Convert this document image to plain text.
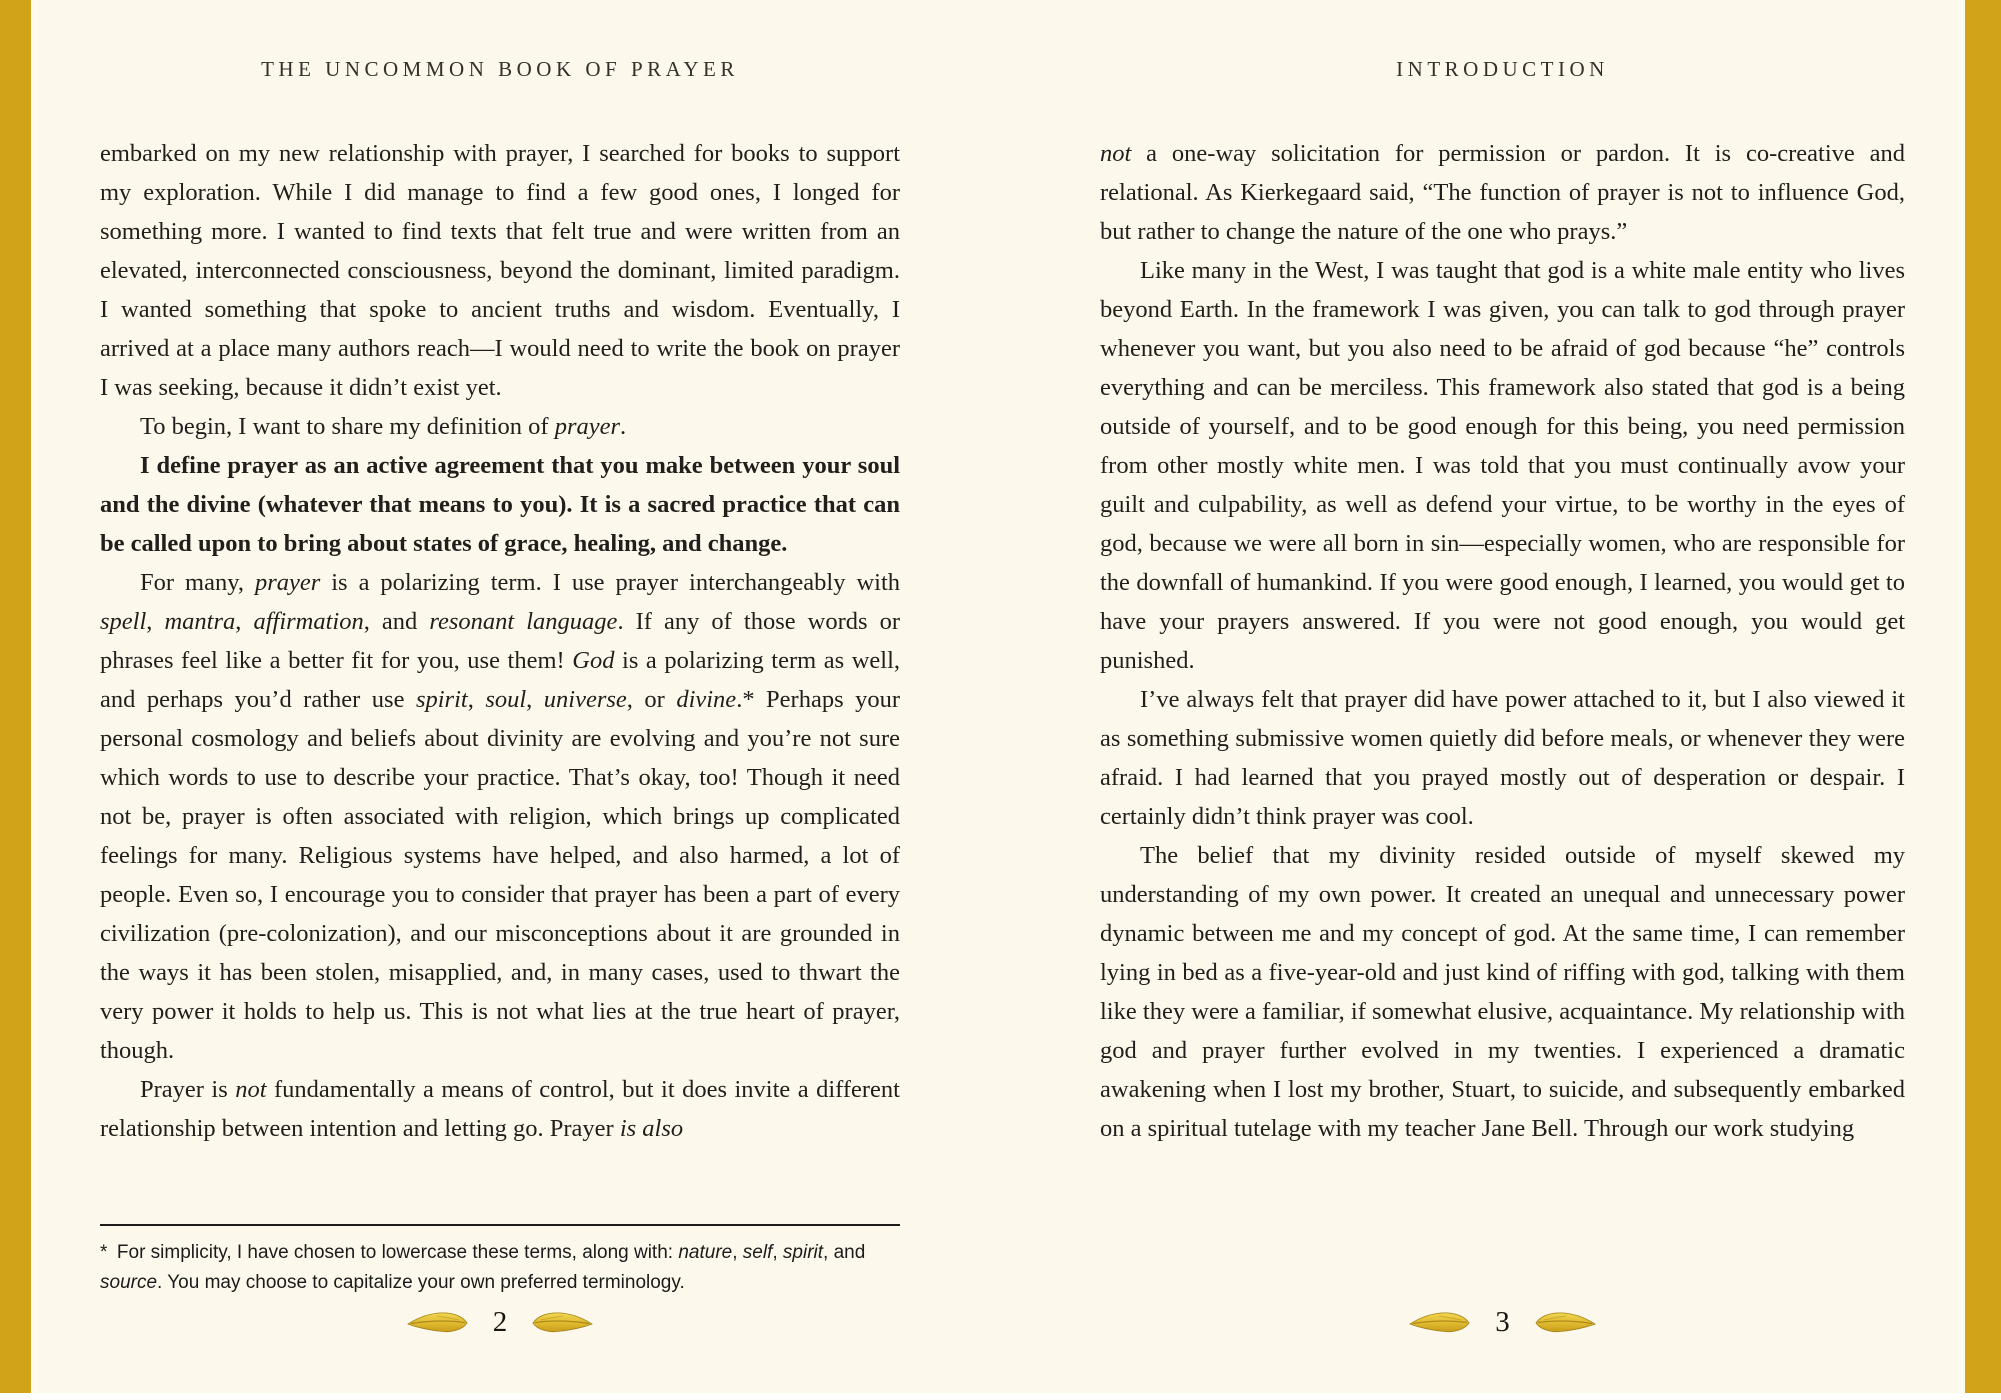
THE UNCOMMON BOOK OF PRAYER

embarked on my new relationship with prayer, I searched for books to support my exploration. While I did manage to find a few good ones, I longed for something more. I wanted to find texts that felt true and were written from an elevated, interconnected consciousness, beyond the dominant, limited paradigm. I wanted something that spoke to ancient truths and wisdom. Eventually, I arrived at a place many authors reach—I would need to write the book on prayer I was seeking, because it didn’t exist yet.

To begin, I want to share my definition of prayer.

I define prayer as an active agreement that you make between your soul and the divine (whatever that means to you). It is a sacred practice that can be called upon to bring about states of grace, healing, and change.

For many, prayer is a polarizing term. I use prayer interchangeably with spell, mantra, affirmation, and resonant language. If any of those words or phrases feel like a better fit for you, use them! God is a polarizing term as well, and perhaps you’d rather use spirit, soul, universe, or divine.* Perhaps your personal cosmology and beliefs about divinity are evolving and you’re not sure which words to use to describe your practice. That’s okay, too! Though it need not be, prayer is often associated with religion, which brings up complicated feelings for many. Religious systems have helped, and also harmed, a lot of people. Even so, I encourage you to consider that prayer has been a part of every civilization (pre-colonization), and our misconceptions about it are grounded in the ways it has been stolen, misapplied, and, in many cases, used to thwart the very power it holds to help us. This is not what lies at the true heart of prayer, though.

Prayer is not fundamentally a means of control, but it does invite a different relationship between intention and letting go. Prayer is also

* For simplicity, I have chosen to lowercase these terms, along with: nature, self, spirit, and source. You may choose to capitalize your own preferred terminology.

2
INTRODUCTION

not a one-way solicitation for permission or pardon. It is co-creative and relational. As Kierkegaard said, “The function of prayer is not to influence God, but rather to change the nature of the one who prays.”

Like many in the West, I was taught that god is a white male entity who lives beyond Earth. In the framework I was given, you can talk to god through prayer whenever you want, but you also need to be afraid of god because “he” controls everything and can be merciless. This framework also stated that god is a being outside of yourself, and to be good enough for this being, you need permission from other mostly white men. I was told that you must continually avow your guilt and culpability, as well as defend your virtue, to be worthy in the eyes of god, because we were all born in sin—especially women, who are responsible for the downfall of humankind. If you were good enough, I learned, you would get to have your prayers answered. If you were not good enough, you would get punished.

I’ve always felt that prayer did have power attached to it, but I also viewed it as something submissive women quietly did before meals, or whenever they were afraid. I had learned that you prayed mostly out of desperation or despair. I certainly didn’t think prayer was cool.

The belief that my divinity resided outside of myself skewed my understanding of my own power. It created an unequal and unnecessary power dynamic between me and my concept of god. At the same time, I can remember lying in bed as a five-year-old and just kind of riffing with god, talking with them like they were a familiar, if somewhat elusive, acquaintance. My relationship with god and prayer further evolved in my twenties. I experienced a dramatic awakening when I lost my brother, Stuart, to suicide, and subsequently embarked on a spiritual tutelage with my teacher Jane Bell. Through our work studying

3
